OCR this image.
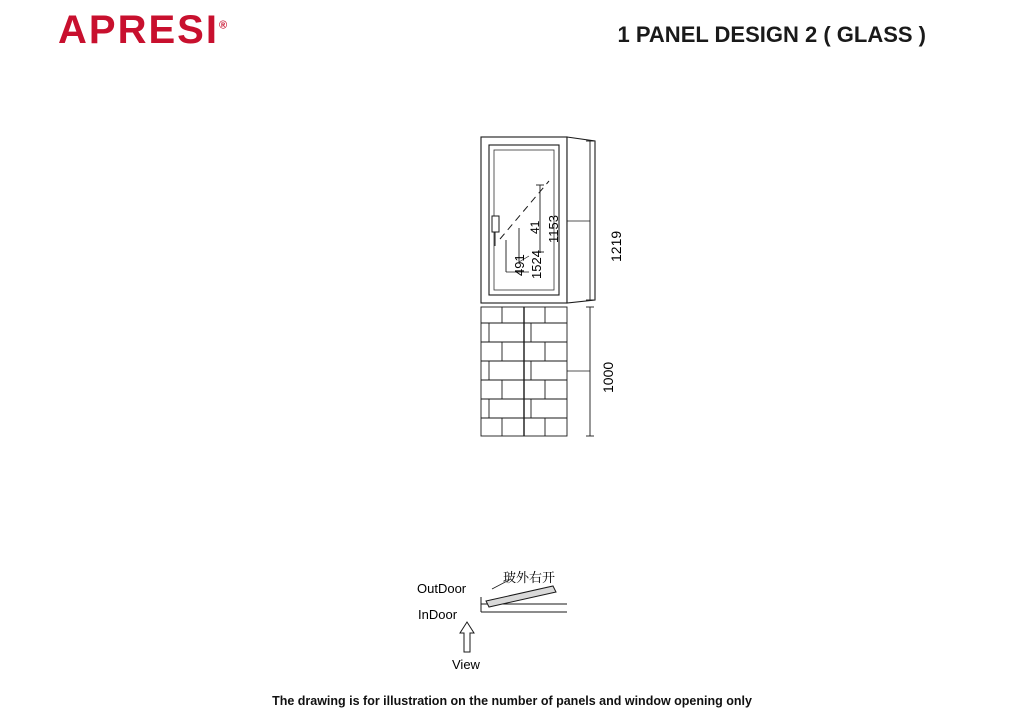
APRESI®	1 PANEL DESIGN 2 ( GLASS )
1219
1000
1153
41
1524
491
OutDoor
InDoor
玻外右开
View
The drawing is for illustration on the number of panels and window opening only
